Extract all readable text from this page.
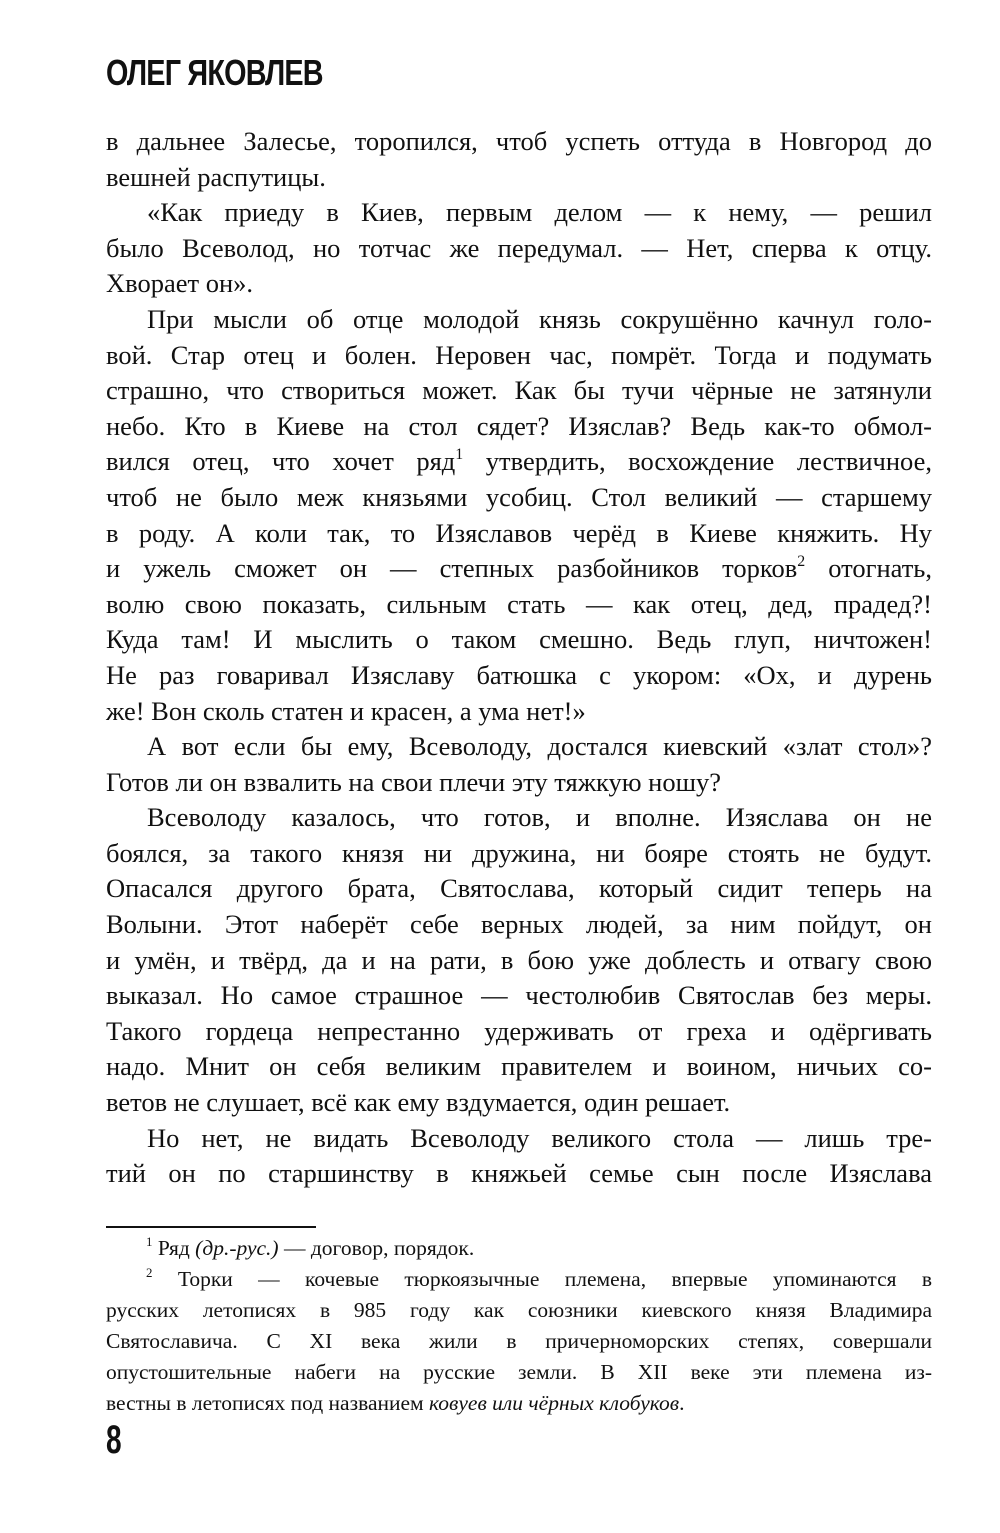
ОЛЕГ ЯКОВЛЕВ
в дальнее Залесье, торопился, чтоб успеть оттуда в Новгород до
вешней распутицы.
«Как приеду в Киев, первым делом — к нему, — решил
было Всеволод, но тотчас же передумал. — Нет, сперва к отцу.
Хворает он».
При мысли об отце молодой князь сокрушённо качнул голо-
вой. Стар отец и болен. Неровен час, помрёт. Тогда и подумать
страшно, что створиться может. Как бы тучи чёрные не затянули
небо. Кто в Киеве на стол сядет? Изяслав? Ведь как-то обмол-
вился отец, что хочет ряд$^1$ утвердить, восхождение лествичное,
чтоб не было меж князьями усобиц. Стол великий — старшему
в роду. А коли так, то Изяславов черёд в Киеве княжить. Ну
и ужель сможет он — степных разбойников торков$^2$ отогнать,
волю свою показать, сильным стать — как отец, дед, прадед?!
Куда там! И мыслить о таком смешно. Ведь глуп, ничтожен!
Не раз говаривал Изяславу батюшка с укором: «Ох, и дурень
же! Вон сколь статен и красен, а ума нет!»
А вот если бы ему, Всеволоду, достался киевский «злат стол»?
Готов ли он взвалить на свои плечи эту тяжкую ношу?
Всеволоду казалось, что готов, и вполне. Изяслава он не
боялся, за такого князя ни дружина, ни бояре стоять не будут.
Опасался другого брата, Святослава, который сидит теперь на
Волыни. Этот наберёт себе верных людей, за ним пойдут, он
и умён, и твёрд, да и на рати, в бою уже доблесть и отвагу свою
выказал. Но самое страшное — честолюбив Святослав без меры.
Такого гордеца непрестанно удерживать от греха и одёргивать
надо. Мнит он себя великим правителем и воином, ничьих со-
ветов не слушает, всё как ему вздумается, один решает.
Но нет, не видать Всеволоду великого стола — лишь тре-
тий он по старшинству в княжьей семье сын после Изяслава
$^1$ Ряд (др.-рус.) — договор, порядок.
$^2$ Торки — кочевые тюркоязычные племена, впервые упоминаются в
русских летописях в 985 году как союзники киевского князя Владимира
Святославича. С XI века жили в причерноморских степях, совершали
опустошительные набеги на русские земли. В XII веке эти племена из-
вестны в летописях под названием ковуев или чёрных клобуков.
8
